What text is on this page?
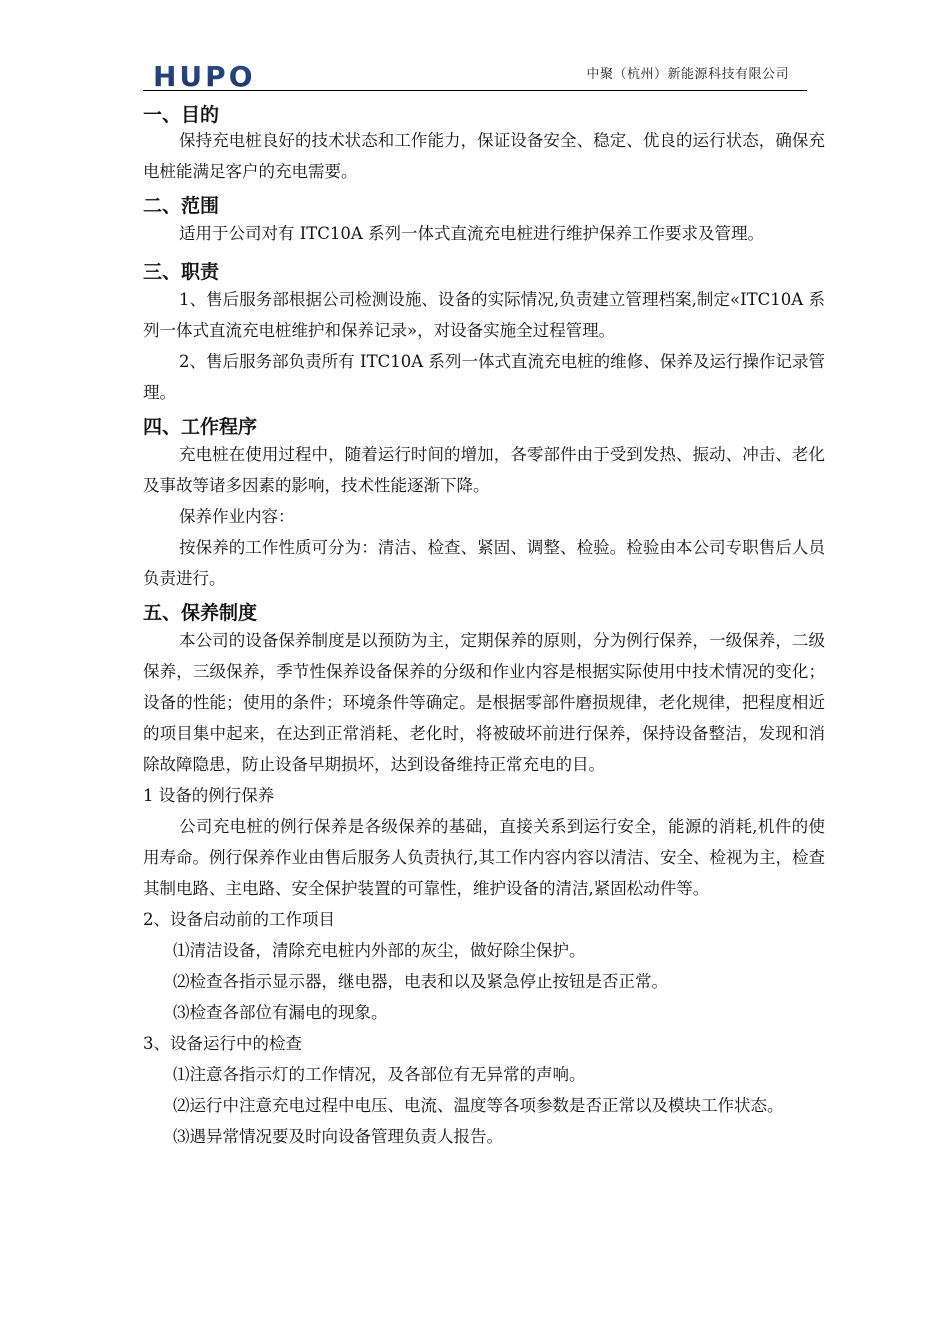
HUPO	中聚（杭州）新能源科技有限公司
一、目的

保持充电桩良好的技术状态和工作能力，保证设备安全、稳定、优良的运行状态，确保充电桩能满足客户的充电需要。

二、范围

适用于公司对有 ITC10A 系列一体式直流充电桩进行维护保养工作要求及管理。

三、职责

1、售后服务部根据公司检测设施、设备的实际情况,负责建立管理档案,制定«ITC10A 系列一体式直流充电桩维护和保养记录»，对设备实施全过程管理。

2、售后服务部负责所有 ITC10A 系列一体式直流充电桩的维修、保养及运行操作记录管理。

四、工作程序

充电桩在使用过程中，随着运行时间的增加，各零部件由于受到发热、振动、冲击、老化及事故等诸多因素的影响，技术性能逐渐下降。

保养作业内容：

按保养的工作性质可分为：清洁、检查、紧固、调整、检验。检验由本公司专职售后人员负责进行。

五、保养制度

本公司的设备保养制度是以预防为主，定期保养的原则，分为例行保养，一级保养，二级保养，三级保养，季节性保养设备保养的分级和作业内容是根据实际使用中技术情况的变化；设备的性能；使用的条件；环境条件等确定。是根据零部件磨损规律，老化规律，把程度相近的项目集中起来，在达到正常消耗、老化时，将被破坏前进行保养，保持设备整洁，发现和消除故障隐患，防止设备早期损坏，达到设备维持正常充电的目。

1 设备的例行保养

公司充电桩的例行保养是各级保养的基础，直接关系到运行安全，能源的消耗,机件的使用寿命。例行保养作业由售后服务人负责执行,其工作内容内容以清洁、安全、检视为主，检查其制电路、主电路、安全保护装置的可靠性，维护设备的清洁,紧固松动件等。

2、设备启动前的工作项目

⑴清洁设备，清除充电桩内外部的灰尘，做好除尘保护。

⑵检查各指示显示器，继电器，电表和以及紧急停止按钮是否正常。

⑶检查各部位有漏电的现象。

3、设备运行中的检查

⑴注意各指示灯的工作情况，及各部位有无异常的声响。

⑵运行中注意充电过程中电压、电流、温度等各项参数是否正常以及模块工作状态。

⑶遇异常情况要及时向设备管理负责人报告。
